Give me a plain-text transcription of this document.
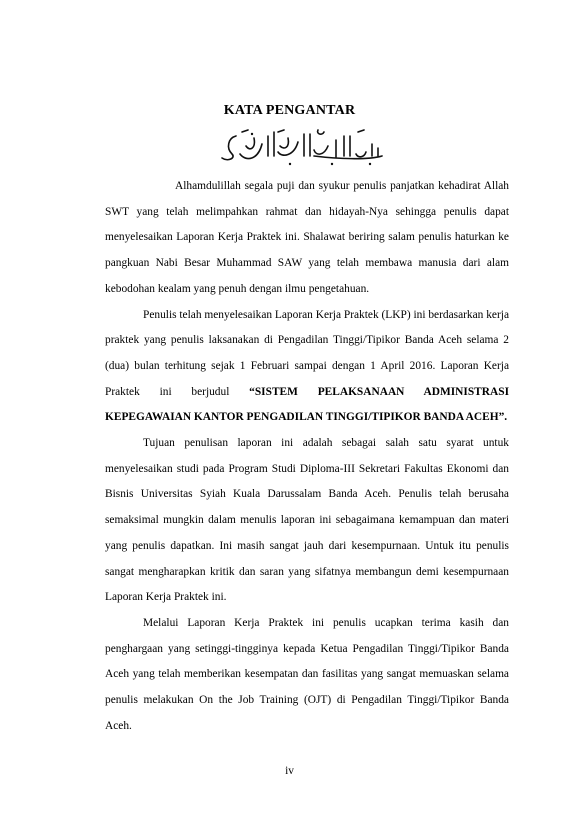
KATA PENGANTAR

Alhamdulillah segala puji dan syukur penulis panjatkan kehadirat Allah SWT yang telah melimpahkan rahmat dan hidayah-Nya sehingga penulis dapat menyelesaikan Laporan Kerja Praktek ini. Shalawat beriring salam penulis haturkan ke pangkuan Nabi Besar Muhammad SAW yang telah membawa manusia dari alam kebodohan kealam yang penuh dengan ilmu pengetahuan.

Penulis telah menyelesaikan Laporan Kerja Praktek (LKP) ini berdasarkan kerja praktek yang penulis laksanakan di Pengadilan Tinggi/Tipikor Banda Aceh selama 2 (dua) bulan terhitung sejak 1 Februari sampai dengan 1 April 2016. Laporan Kerja Praktek ini berjudul “SISTEM PELAKSANAAN ADMINISTRASI KEPEGAWAIAN KANTOR PENGADILAN TINGGI/TIPIKOR BANDA ACEH”.

Tujuan penulisan laporan ini adalah sebagai salah satu syarat untuk menyelesaikan studi pada Program Studi Diploma-III Sekretari Fakultas Ekonomi dan Bisnis Universitas Syiah Kuala Darussalam Banda Aceh. Penulis telah berusaha semaksimal mungkin dalam menulis laporan ini sebagaimana kemampuan dan materi yang penulis dapatkan. Ini masih sangat jauh dari kesempurnaan. Untuk itu penulis sangat mengharapkan kritik dan saran yang sifatnya membangun demi kesempurnaan Laporan Kerja Praktek ini.

Melalui Laporan Kerja Praktek ini penulis ucapkan terima kasih dan penghargaan yang setinggi-tingginya kepada Ketua Pengadilan Tinggi/Tipikor Banda Aceh yang telah memberikan kesempatan dan fasilitas yang sangat memuaskan selama penulis melakukan On the Job Training (OJT) di Pengadilan Tinggi/Tipikor Banda Aceh.

iv
